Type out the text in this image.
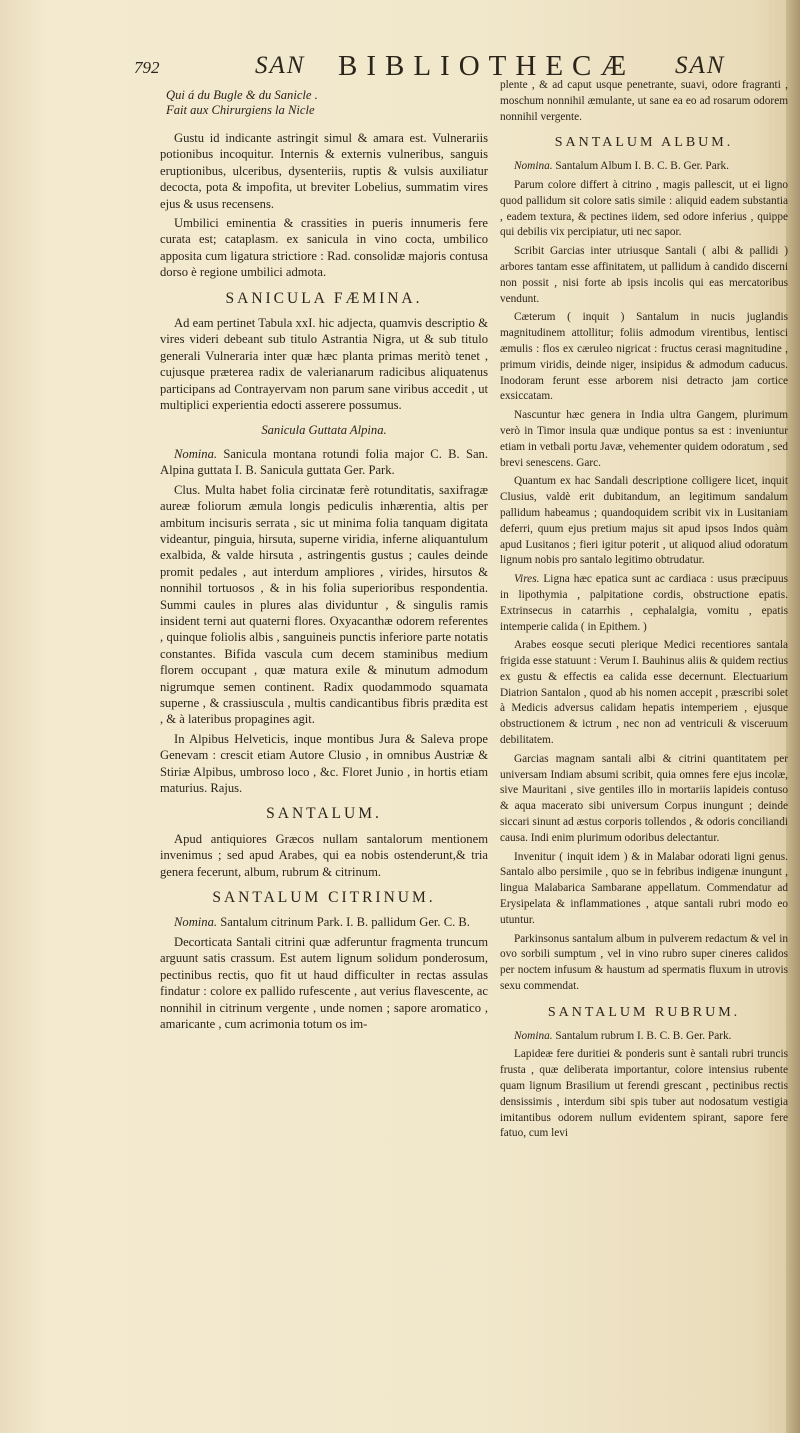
792	SAN BIBLIOTHECÆ SAN
Qui á du Bugle & du Sanicle .
Fait aux Chirurgiens la Nicle

Gustu id indicante astringit simul & amara est. Vulnerariis potionibus incoquitur. Internis & externis vulneribus, sanguis eruptionibus, ulceribus, dysenteriis, ruptis & vulsis auxiliatur decocta, pota & impofita, ut breviter Lobelius, summatim vires ejus & usus recensens.

Umbilici eminentia & crassities in pueris innumeris fere curata est; cataplasm. ex sanicula in vino cocta, umbilico apposita cum ligatura strictiore : Rad. consolidæ majoris contusa dorso è regione umbilici admota.

SANICULA FÆMINA.

Ad eam pertinet Tabula xxI. hic adjecta, quamvis descriptio & vires videri debeant sub titulo Astrantia Nigra, ut & sub titulo generali Vulneraria inter quæ hæc planta primas meritò tenet , cujusque præterea radix de valerianarum radicibus aliquatenus participans ad Contrayervam non parum sane viribus accedit , ut multiplici experientia edocti asserere possumus.

Sanicula Guttata Alpina.

Nomina. Sanicula montana rotundi folia major C. B. San. Alpina guttata I. B. Sanicula guttata Ger. Park.

Clus. Multa habet folia circinatæ ferè rotunditatis, saxifragæ aureæ foliorum æmula longis pediculis inhærentia, altis per ambitum incisuris serrata , sic ut minima folia tanquam digitata videantur, pinguia, hirsuta, superne viridia, inferne aliquantulum exalbida, & valde hirsuta , astringentis gustus ; caules deinde promit pedales , aut interdum ampliores , virides, hirsutos & nonnihil tortuosos , & in his folia superioribus respondentia. Summi caules in plures alas dividuntur , & singulis ramis insident terni aut quaterni flores. Oxyacanthæ odorem referentes , quinque foliolis albis , sanguineis punctis inferiore parte notatis constantes. Bifida vascula cum decem staminibus medium florem occupant , quæ matura exile & minutum admodum nigrumque semen continent. Radix quodammodo squamata superne , & crassiuscula , multis candicantibus fibris prædita est , & à lateribus propagines agit.

In Alpibus Helveticis, inque montibus Jura & Saleva prope Genevam : crescit etiam Autore Clusio , in omnibus Austriæ & Stiriæ Alpibus, umbroso loco , &c. Floret Junio , in hortis etiam maturius. Rajus.

SANTALUM.

Apud antiquiores Græcos nullam santalorum mentionem invenimus ; sed apud Arabes, qui ea nobis ostenderunt,& tria genera fecerunt, album, rubrum & citrinum.

SANTALUM CITRINUM.

Nomina. Santalum citrinum Park. I. B. pallidum Ger. C. B.

Decorticata Santali citrini quæ adferuntur fragmenta truncum arguunt satis crassum. Est autem lignum solidum ponderosum, pectinibus rectis, quo fit ut haud difficulter in rectas assulas findatur : colore ex pallido rufescente , aut verius flavescente, ac nonnihil in citrinum vergente , unde nomen ; sapore aromatico , amaricante , cum acrimonia totum os im-

plente , & ad caput usque penetrante, suavi, odore fragranti , moschum nonnihil æmulante, ut sane ea eo ad rosarum odorem nonnihil vergente.

SANTALUM ALBUM.

Nomina. Santalum Album I. B. C. B. Ger. Park.

Parum colore differt à citrino , magis pallescit, ut ei ligno quod pallidum sit colore satis simile : aliquid eadem substantia , eadem textura, & pectines iidem, sed odore inferius , quippe qui debilis vix percipiatur, uti nec sapor.

Scribit Garcias inter utriusque Santali ( albi & pallidi ) arbores tantam esse affinitatem, ut pallidum à candido discerni non possit , nisi forte ab ipsis incolis qui eas mercatoribus vendunt.

Cæterum ( inquit ) Santalum in nucis juglandis magnitudinem attollitur; foliis admodum virentibus, lentisci æmulis : flos ex cæruleo nigricat : fructus cerasi magnitudine , primum viridis, deinde niger, insipidus & admodum caducus. Inodoram ferunt esse arborem nisi detracto jam cortice exsiccatam.

Nascuntur hæc genera in India ultra Gangem, plurimum verò in Timor insula quæ undique pontus sa est : inveniuntur etiam in vetbali portu Javæ, vehementer quidem odoratum , sed brevi senescens. Garc.

Quantum ex hac Sandali descriptione colligere licet, inquit Clusius, valdè erit dubitandum, an legitimum sandalum pallidum habeamus ; quandoquidem scribit vix in Lusitaniam deferri, quum ejus pretium majus sit apud ipsos Indos quàm apud Lusitanos ; fieri igitur poterit , ut aliquod aliud odoratum lignum nobis pro santalo legitimo obtrudatur.

Vires. Ligna hæc epatica sunt ac cardiaca : usus præcipuus in lipothymia , palpitatione cordis, obstructione epatis. Extrinsecus in catarrhis , cephalalgia, vomitu , epatis intemperie calida ( in Epithem. )

Arabes eosque secuti plerique Medici recentiores santala frigida esse statuunt : Verum I. Bauhinus aliis & quidem rectius ex gustu & effectis ea calida esse decernunt. Electuarium Diatrion Santalon , quod ab his nomen accepit , præscribi solet à Medicis adversus calidam hepatis intemperiem , ejusque obstructionem & ictrum , nec non ad ventriculi & visceruum debilitatem.

Garcias magnam santali albi & citrini quantitatem per universam Indiam absumi scribit, quia omnes fere ejus incolæ, sive Mauritani , sive gentiles illo in mortariis lapideis contuso & aqua macerato sibi universum Corpus inungunt ; deinde siccari sinunt ad æstus corporis tollendos , & odoris conciliandi causa. Indi enim plurimum odoribus delectantur.

Invenitur ( inquit idem ) & in Malabar odorati ligni genus. Santalo albo persimile , quo se in febribus indigenæ inungunt , lingua Malabarica Sambarane appellatum. Commendatur ad Erysipelata & inflammationes , atque santali rubri modo eo utuntur.

Parkinsonus santalum album in pulverem redactum & vel in ovo sorbili sumptum , vel in vino rubro super cineres calidos per noctem infusum & haustum ad spermatis fluxum in utrovis sexu commendat.

SANTALUM RUBRUM.

Nomina. Santalum rubrum I. B. C. B. Ger. Park.

Lapideæ fere duritiei & ponderis sunt è santali rubri truncis frusta , quæ deliberata importantur, colore intensius rubente quam lignum Brasilium ut ferendi grescant , pectinibus rectis densissimis , interdum sibi spis tuber aut nodosatum vestigia imitantibus odorem nullum evidentem spirant, sapore fere fatuo, cum levi
